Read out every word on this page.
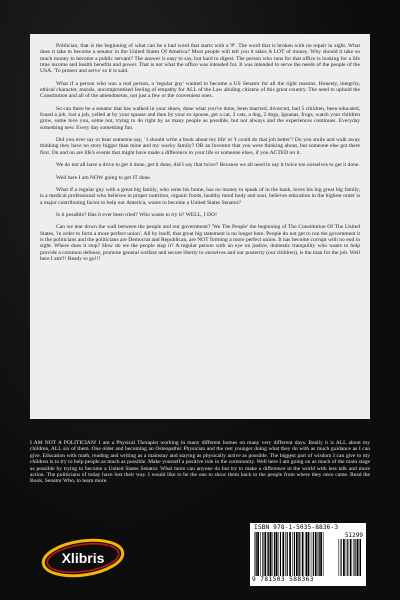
Politician, that is the beginning of what can be a bad word that starts with a 'P'. The word that is broken with no repair in sight. What does it take to become a senator in the United States Of America? Most people will tell you it takes A LOT of money. Why should it take so much money to become a public servant? The answer is easy to say, but hard to digest. The person who runs for that office is looking for a life time income and health benefits and power. That is not what the office was intended for. It was intended to serve the needs of the people of the USA. 'To protect and serve' so it is said.

What if a person who was a real person, a 'regular guy' wanted to become a US Senator for all the right reasons. Honesty, integrity, ethical character, morals, uncompromised feeling of empathy for ALL of the Law abiding citizens of this great country. The need to uphold the Constitution and all of the amendments, not just a few or the convenient ones.

So can there be a senator that has walked in your shoes, done what you've done, been married, divorced, had 5 children, been educated, found a job, lost a job, yelled at by your spouse and then by your ex spouse, get a cat, 2 cats, a dog, 2 dogs, Iguanas, frogs, watch your children grow, some love you, some not, trying to do right by as many people as possible, but not always and the experiences continues. Everyday something new. Every day something fun.

Did you ever say or hear someone say, ' I should write a book about my life' or 'I could do that job better'? Do you smile and walk away thinking they have no story bigger than mine and my wacky family? OR an Inventor that you were thinking about, but someone else got there first. On and on are life's events that might have made a difference in your life or someone elses, if you ACTED on it.

We do not all have a drive to get it done, get it done, did I say that twice? Because we all need to say it twice too ourselves to get it done.

Well here I am NOW going to get IT done.

What if a regular guy with a great big family, who rents his home, has no money to speak of in the bank, loves his big great big family, is a medical professional who believes in proper nutrition, organic foods, healthy mind body and soul, believes education in the highest order is a major contributing factor to help our America, wants to become a United States Senator?

Is it possible? Has it ever been tried? Who wants to try it? WELL, I DO!

Can we tear down the wall between the people and our government? 'We The People' the beginning of The Constitution Of The United States, 'in order to form a more perfect union'. All by itself, that great big statement is no longer here. People do not get to run the government it is the politicians and the politicians are Democrat and Republican, are NOT forming a more perfect union. It has become corrupt with no end in sight. Where does it stop? How do we the people stop it? A regular person with an eye on justice, domestic tranquility who wants to help provide a common defense, promote general welfare and secure liberty to ourselves and our posterity (our children), is the man for the job. Well here I am!!! Ready to go!!!

I AM NOT A POLITICIAN! I am a Physical Therapist working in many different homes on many very different days. Really it is ALL about my children, ALL six of them. One older and becoming an Osteopathic Physician and the rest younger doing what they do with as much guidance as I can give. Education with math, reading and writing as a mainstay and staying as physically active as possible. The biggest part of wisdom I can give to my children is to try to help people as much as possible. Make yourself a positive role in the community. Well here I am going on as much of the main stage as possible by trying to become a United States Senator. What more can anyone do but try to make a difference in the world with less talk and more action. The politicians of today have lost their way. I would like to be the one to show them back to the people from where they once came. Read the Book, Senator Who, to learn more.

Xlibris
ISBN 978-1-5035-8836-3
51299
9 781503 588363
